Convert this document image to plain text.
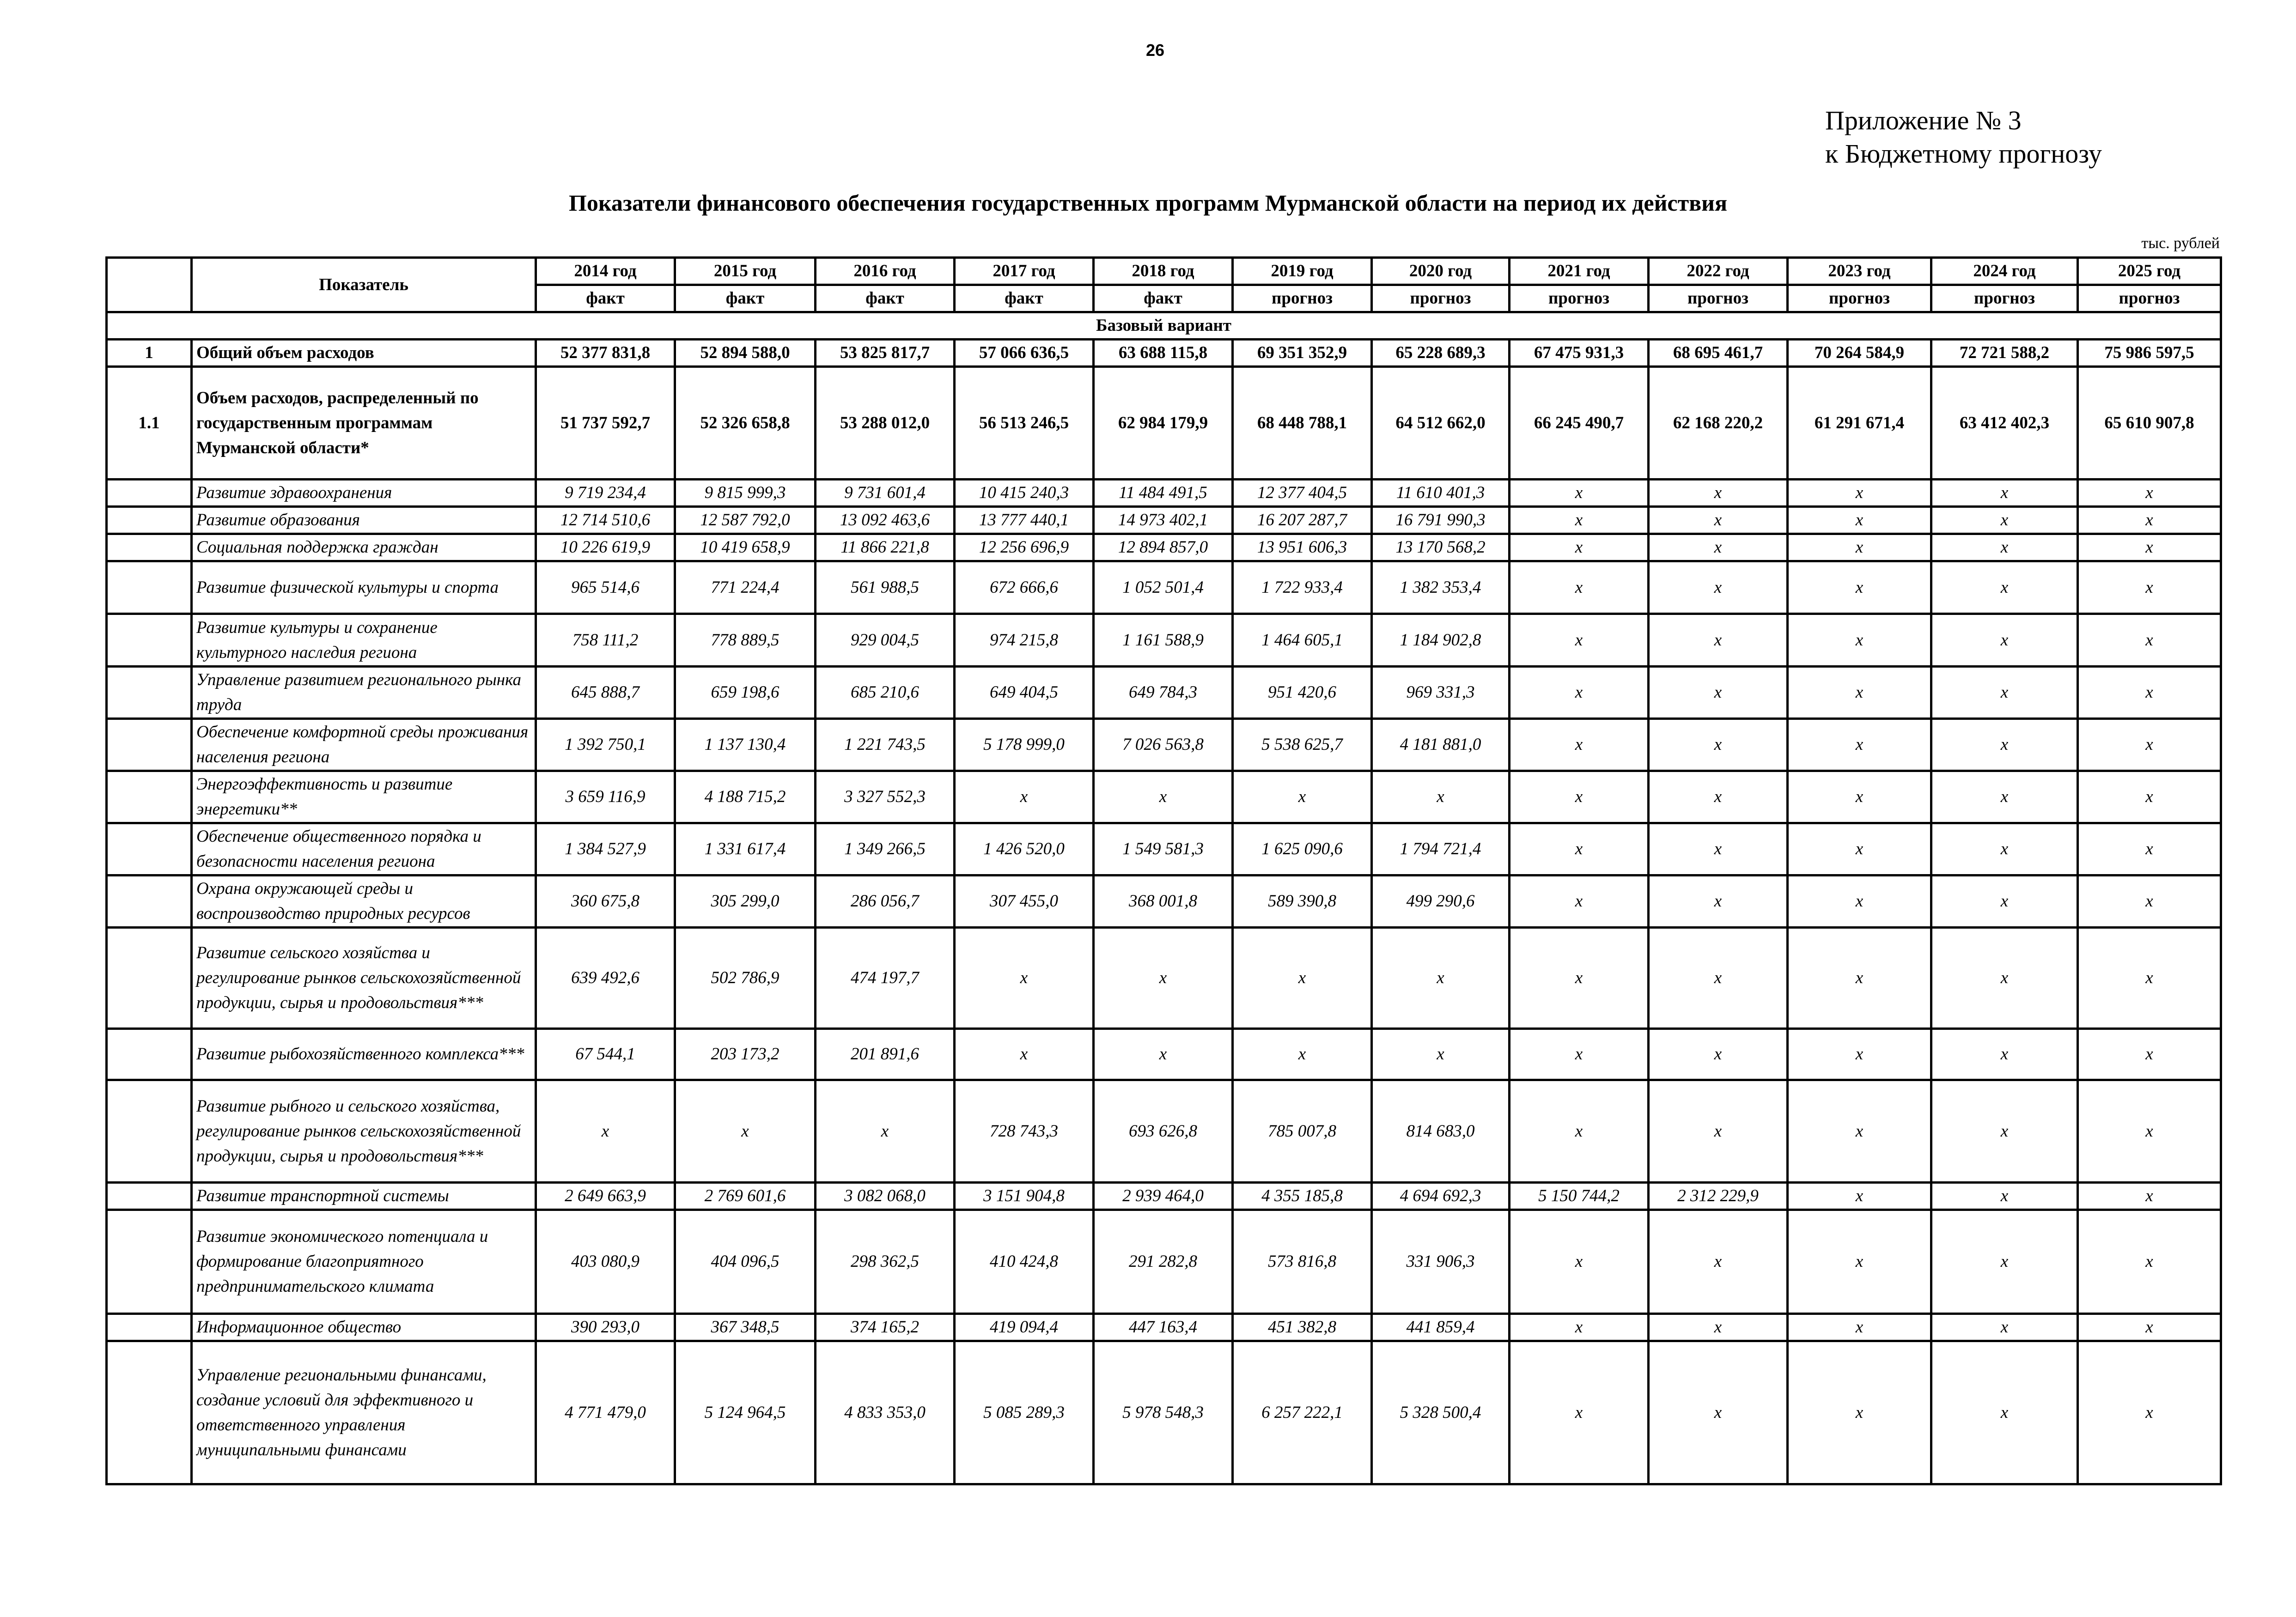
26
Приложение № 3
к Бюджетному прогнозу
Показатели финансового обеспечения государственных программ Мурманской области на период их действия
тыс. рублей
	Показатель	2014 год	2015 год	2016 год	2017 год	2018 год	2019 год	2020 год	2021 год	2022 год	2023 год	2024 год	2025 год
		факт	факт	факт	факт	факт	прогноз	прогноз	прогноз	прогноз	прогноз	прогноз	прогноз
Базовый вариант													
1	Общий объем расходов	52 377 831,8	52 894 588,0	53 825 817,7	57 066 636,5	63 688 115,8	69 351 352,9	65 228 689,3	67 475 931,3	68 695 461,7	70 264 584,9	72 721 588,2	75 986 597,5
1.1	Объем расходов, распределенный по государственным программам Мурманской области*	51 737 592,7	52 326 658,8	53 288 012,0	56 513 246,5	62 984 179,9	68 448 788,1	64 512 662,0	66 245 490,7	62 168 220,2	61 291 671,4	63 412 402,3	65 610 907,8
	Развитие здравоохранения	9 719 234,4	9 815 999,3	9 731 601,4	10 415 240,3	11 484 491,5	12 377 404,5	11 610 401,3	x	x	x	x	x
	Развитие образования	12 714 510,6	12 587 792,0	13 092 463,6	13 777 440,1	14 973 402,1	16 207 287,7	16 791 990,3	x	x	x	x	x
	Социальная поддержка граждан	10 226 619,9	10 419 658,9	11 866 221,8	12 256 696,9	12 894 857,0	13 951 606,3	13 170 568,2	x	x	x	x	x
	Развитие физической культуры и спорта	965 514,6	771 224,4	561 988,5	672 666,6	1 052 501,4	1 722 933,4	1 382 353,4	x	x	x	x	x
	Развитие культуры и сохранение культурного наследия региона	758 111,2	778 889,5	929 004,5	974 215,8	1 161 588,9	1 464 605,1	1 184 902,8	x	x	x	x	x
	Управление развитием регионального рынка труда	645 888,7	659 198,6	685 210,6	649 404,5	649 784,3	951 420,6	969 331,3	x	x	x	x	x
	Обеспечение комфортной среды проживания населения региона	1 392 750,1	1 137 130,4	1 221 743,5	5 178 999,0	7 026 563,8	5 538 625,7	4 181 881,0	x	x	x	x	x
	Энергоэффективность и развитие энергетики**	3 659 116,9	4 188 715,2	3 327 552,3	x	x	x	x	x	x	x	x	x
	Обеспечение общественного порядка и безопасности населения региона	1 384 527,9	1 331 617,4	1 349 266,5	1 426 520,0	1 549 581,3	1 625 090,6	1 794 721,4	x	x	x	x	x
	Охрана окружающей среды и воспроизводство природных ресурсов	360 675,8	305 299,0	286 056,7	307 455,0	368 001,8	589 390,8	499 290,6	x	x	x	x	x
	Развитие сельского хозяйства и регулирование рынков сельскохозяйственной продукции, сырья и продовольствия***	639 492,6	502 786,9	474 197,7	x	x	x	x	x	x	x	x	x
	Развитие рыбохозяйственного комплекса***	67 544,1	203 173,2	201 891,6	x	x	x	x	x	x	x	x	x
	Развитие рыбного и сельского хозяйства, регулирование рынков сельскохозяйственной продукции, сырья и продовольствия***	x	x	x	728 743,3	693 626,8	785 007,8	814 683,0	x	x	x	x	x
	Развитие транспортной системы	2 649 663,9	2 769 601,6	3 082 068,0	3 151 904,8	2 939 464,0	4 355 185,8	4 694 692,3	5 150 744,2	2 312 229,9	x	x	x
	Развитие экономического потенциала и формирование благоприятного предпринимательского климата	403 080,9	404 096,5	298 362,5	410 424,8	291 282,8	573 816,8	331 906,3	x	x	x	x	x
	Информационное общество	390 293,0	367 348,5	374 165,2	419 094,4	447 163,4	451 382,8	441 859,4	x	x	x	x	x
	Управление региональными финансами, создание условий для эффективного и ответственного управления муниципальными финансами	4 771 479,0	5 124 964,5	4 833 353,0	5 085 289,3	5 978 548,3	6 257 222,1	5 328 500,4	x	x	x	x	x
